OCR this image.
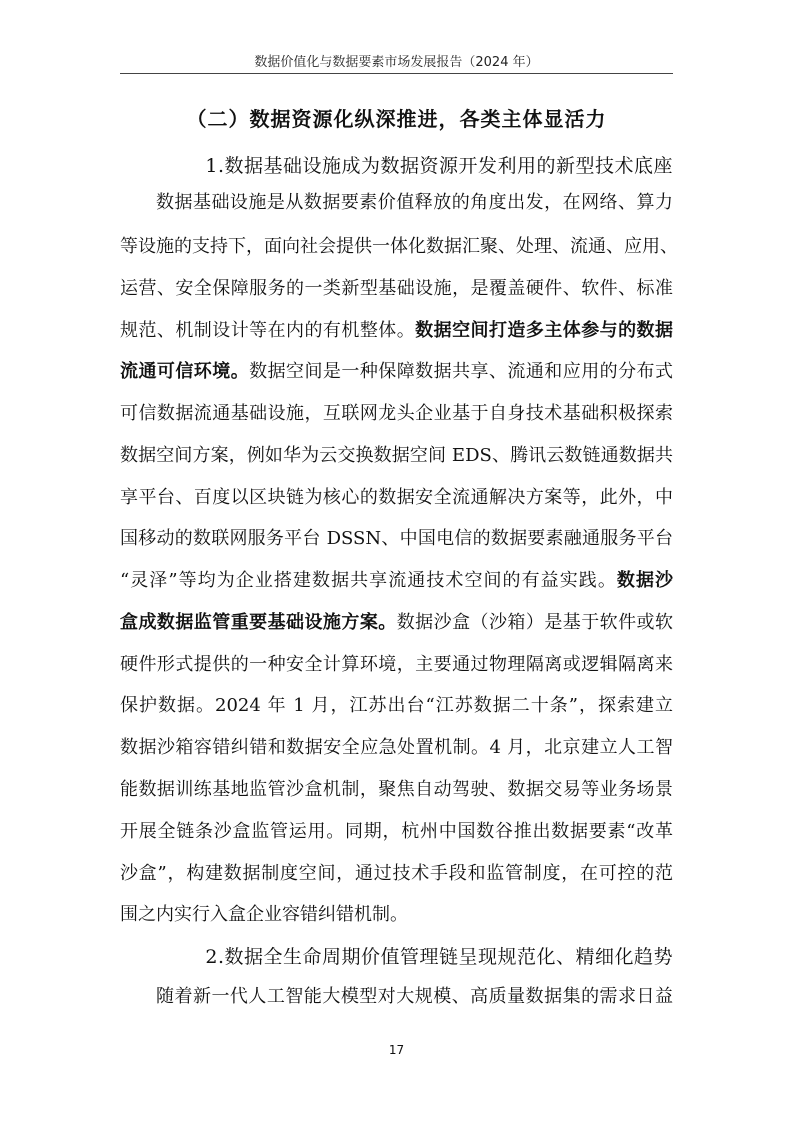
数据价值化与数据要素市场发展报告（2024 年）
（二）数据资源化纵深推进，各类主体显活力
1.数据基础设施成为数据资源开发利用的新型技术底座
数据基础设施是从数据要素价值释放的角度出发，在网络、算力
等设施的支持下，面向社会提供一体化数据汇聚、处理、流通、应用、
运营、安全保障服务的一类新型基础设施，是覆盖硬件、软件、标准
规范、机制设计等在内的有机整体。数据空间打造多主体参与的数据
流通可信环境。数据空间是一种保障数据共享、流通和应用的分布式
可信数据流通基础设施，互联网龙头企业基于自身技术基础积极探索
数据空间方案，例如华为云交换数据空间 EDS、腾讯云数链通数据共
享平台、百度以区块链为核心的数据安全流通解决方案等，此外，中
国移动的数联网服务平台 DSSN、中国电信的数据要素融通服务平台
“灵泽”等均为企业搭建数据共享流通技术空间的有益实践。数据沙
盒成数据监管重要基础设施方案。数据沙盒（沙箱）是基于软件或软
硬件形式提供的一种安全计算环境，主要通过物理隔离或逻辑隔离来
保护数据。2024 年 1 月，江苏出台“江苏数据二十条”，探索建立
数据沙箱容错纠错和数据安全应急处置机制。4 月，北京建立人工智
能数据训练基地监管沙盒机制，聚焦自动驾驶、数据交易等业务场景
开展全链条沙盒监管运用。同期，杭州中国数谷推出数据要素“改革
沙盒”，构建数据制度空间，通过技术手段和监管制度，在可控的范
围之内实行入盒企业容错纠错机制。
2.数据全生命周期价值管理链呈现规范化、精细化趋势
随着新一代人工智能大模型对大规模、高质量数据集的需求日益
17
